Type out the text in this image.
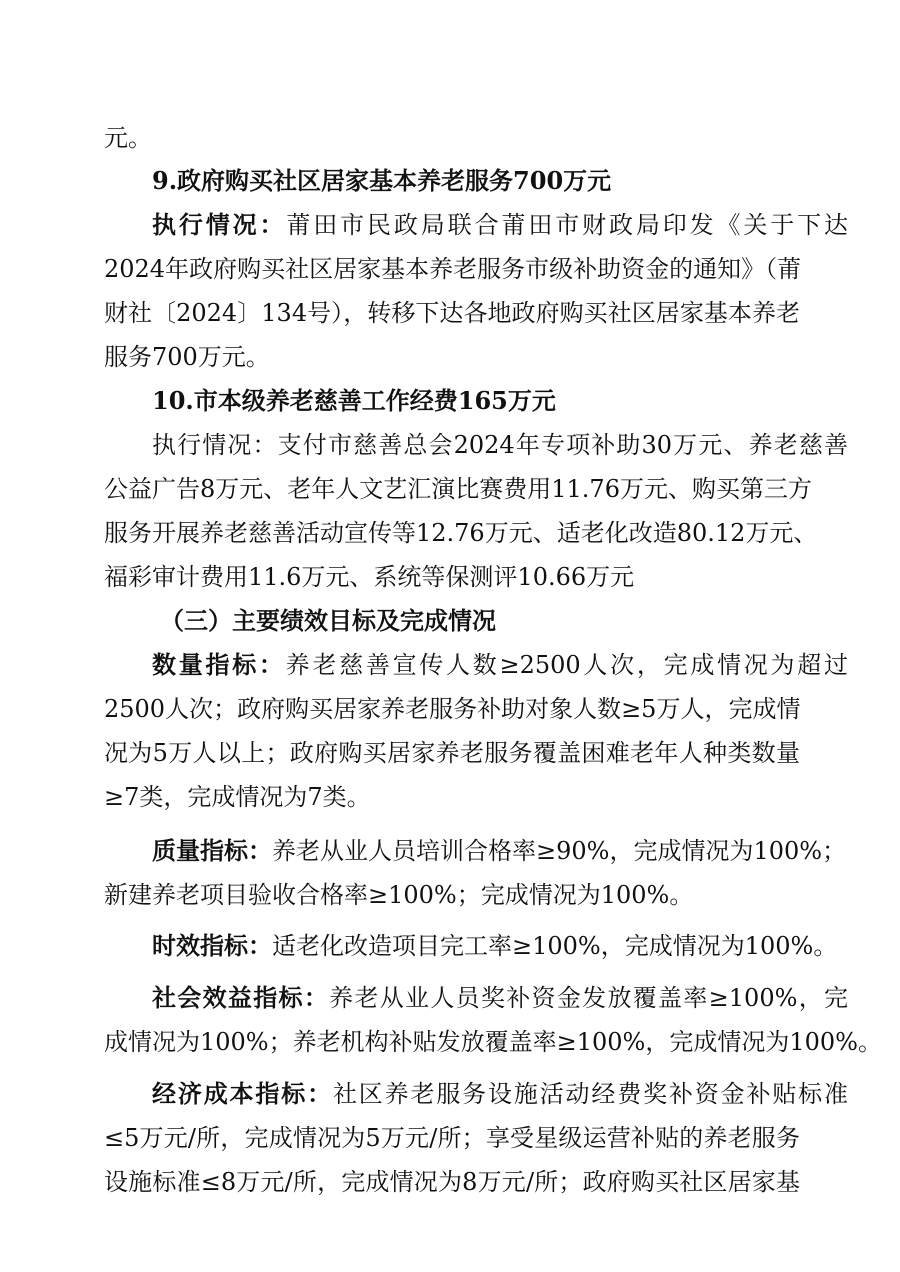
元。
9.政府购买社区居家基本养老服务700万元
执行情况：莆田市民政局联合莆田市财政局印发《关于下达
2024年政府购买社区居家基本养老服务市级补助资金的通知》（莆
财社〔2024〕134号），转移下达各地政府购买社区居家基本养老
服务700万元。
10.市本级养老慈善工作经费165万元
执行情况：支付市慈善总会2024年专项补助30万元、养老慈善
公益广告8万元、老年人文艺汇演比赛费用11.76万元、购买第三方
服务开展养老慈善活动宣传等12.76万元、适老化改造80.12万元、
福彩审计费用11.6万元、系统等保测评10.66万元
（三）主要绩效目标及完成情况
数量指标：养老慈善宣传人数≥2500人次，完成情况为超过
2500人次；政府购买居家养老服务补助对象人数≥5万人，完成情
况为5万人以上；政府购买居家养老服务覆盖困难老年人种类数量
≥7类，完成情况为7类。
质量指标：养老从业人员培训合格率≥90%，完成情况为100%；
新建养老项目验收合格率≥100%；完成情况为100%。
时效指标：适老化改造项目完工率≥100%，完成情况为100%。
社会效益指标：养老从业人员奖补资金发放覆盖率≥100%，完
成情况为100%；养老机构补贴发放覆盖率≥100%，完成情况为100%。
经济成本指标：社区养老服务设施活动经费奖补资金补贴标准
≤5万元/所，完成情况为5万元/所；享受星级运营补贴的养老服务
设施标准≤8万元/所，完成情况为8万元/所；政府购买社区居家基
